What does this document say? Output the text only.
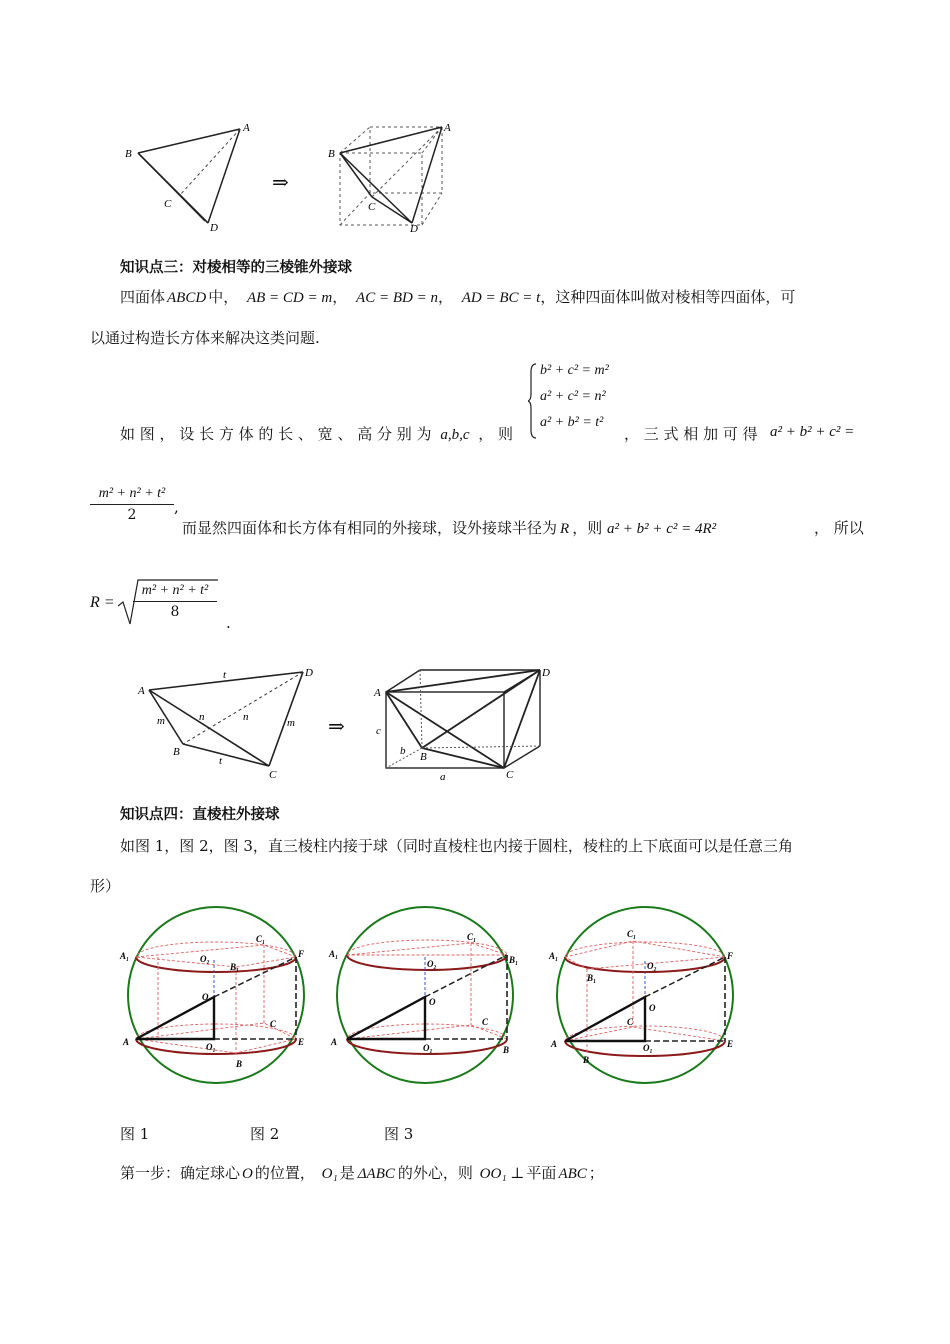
A
B
C
D
⇒
A
B
C
D
知识点三：对棱相等的三棱锥外接球
四面体 ABCD 中， AB = CD = m， AC = BD = n， AD = BC = t，这种四面体叫做对棱相等四面体，可
以通过构造长方体来解决这类问题.
b² + c² = m²
a² + c² = n²
a² + b² = t²
如 图 ， 设 长 方 体 的 长 、 宽 、 高 分 别 为 a,b,c ， 则	， 三 式 相 加 可 得 a² + b² + c² =
m² + n² + t²
2	,
而显然四面体和长方体有相同的外接球，设外接球半径为 R ，则 a² + b² + c² = 4R²	， 所以
R =
m² + n² + t²
8
.
A
B
C
D
t
n	n
m	m
t
⇒
A
B
C
D
a
b
c
知识点四：直棱柱外接球
如图 1，图 2，图 3，直三棱柱内接于球（同时直棱柱也内接于圆柱，棱柱的上下底面可以是任意三角
形）
A₁
C₁
O₂
B₁
F
O
C
A	O₁	E
B
A₁
C₁
O₂	B₁
O
C
A
O₁	B
A₁
C₁
O₂
B₁
F
O
C
A	O₁	E
B
图 1	图 2	图 3
第一步：确定球心 O 的位置， O₁ 是 ΔABC 的外心，则 OO₁ ⊥ 平面 ABC ；
